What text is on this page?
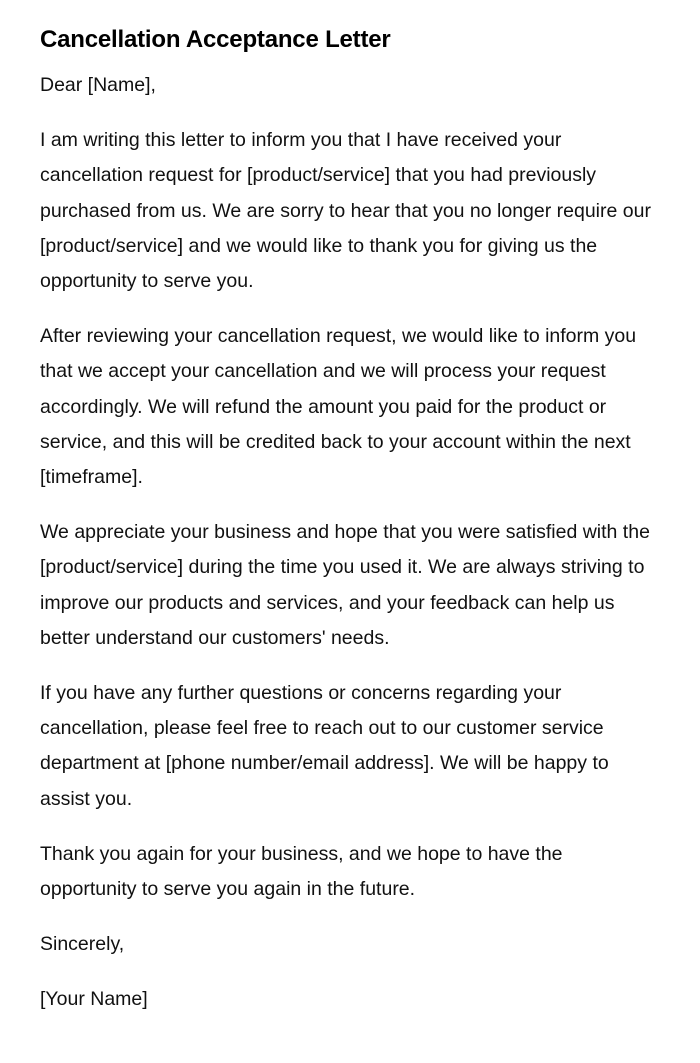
Cancellation Acceptance Letter

Dear [Name],

I am writing this letter to inform you that I have received your cancellation request for [product/service] that you had previously purchased from us. We are sorry to hear that you no longer require our [product/service] and we would like to thank you for giving us the opportunity to serve you.

After reviewing your cancellation request, we would like to inform you that we accept your cancellation and we will process your request accordingly. We will refund the amount you paid for the product or service, and this will be credited back to your account within the next [timeframe].

We appreciate your business and hope that you were satisfied with the [product/service] during the time you used it. We are always striving to improve our products and services, and your feedback can help us better understand our customers' needs.

If you have any further questions or concerns regarding your cancellation, please feel free to reach out to our customer service department at [phone number/email address]. We will be happy to assist you.

Thank you again for your business, and we hope to have the opportunity to serve you again in the future.

Sincerely,

[Your Name]
